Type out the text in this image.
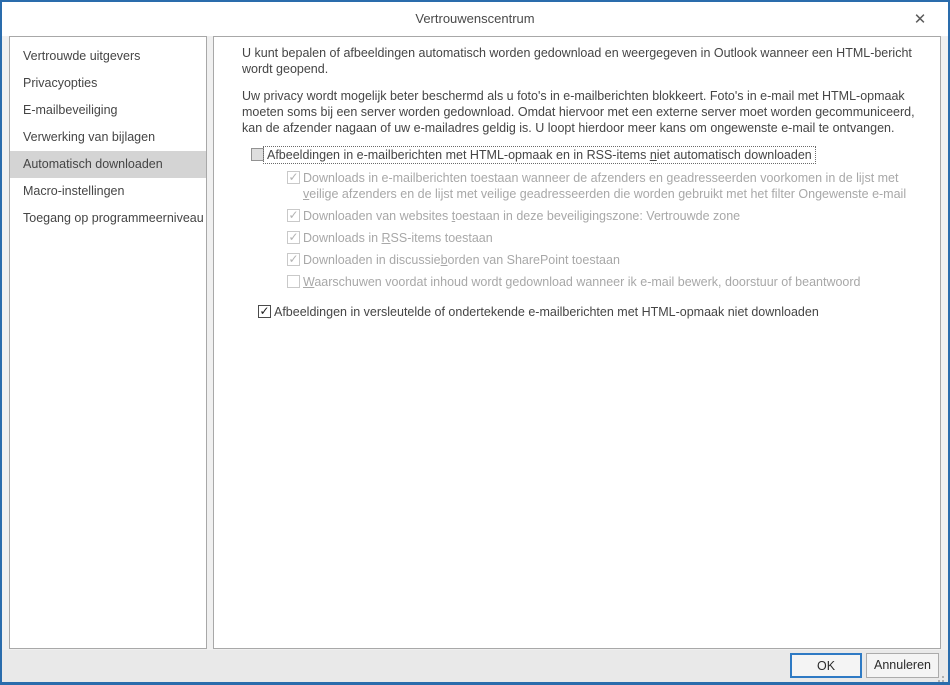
Vertrouwenscentrum	✕
Vertrouwde uitgevers
Privacyopties
E-mailbeveiliging
Verwerking van bijlagen
Automatisch downloaden
Macro-instellingen
Toegang op programmeerniveau
U kunt bepalen of afbeeldingen automatisch worden gedownload en weergegeven in Outlook wanneer een HTML-bericht wordt geopend.
Uw privacy wordt mogelijk beter beschermd als u foto's in e-mailberichten blokkeert. Foto's in e-mail met HTML-opmaak moeten soms bij een server worden gedownload. Omdat hiervoor met een externe server moet worden gecommuniceerd, kan de afzender nagaan of uw e-mailadres geldig is. U loopt hierdoor meer kans om ongewenste e-mail te ontvangen.
Afbeeldingen in e-mailberichten met HTML-opmaak en in RSS-items niet automatisch downloaden
✓
Downloads in e-mailberichten toestaan wanneer de afzenders en geadresseerden voorkomen in de lijst met veilige afzenders en de lijst met veilige geadresseerden die worden gebruikt met het filter Ongewenste e-mail
✓
Downloaden van websites toestaan in deze beveiligingszone: Vertrouwde zone
✓
Downloads in RSS-items toestaan
✓
Downloaden in discussieborden van SharePoint toestaan
Waarschuwen voordat inhoud wordt gedownload wanneer ik e-mail bewerk, doorstuur of beantwoord
✓
Afbeeldingen in versleutelde of ondertekende e-mailberichten met HTML-opmaak niet downloaden
OK	Annuleren
